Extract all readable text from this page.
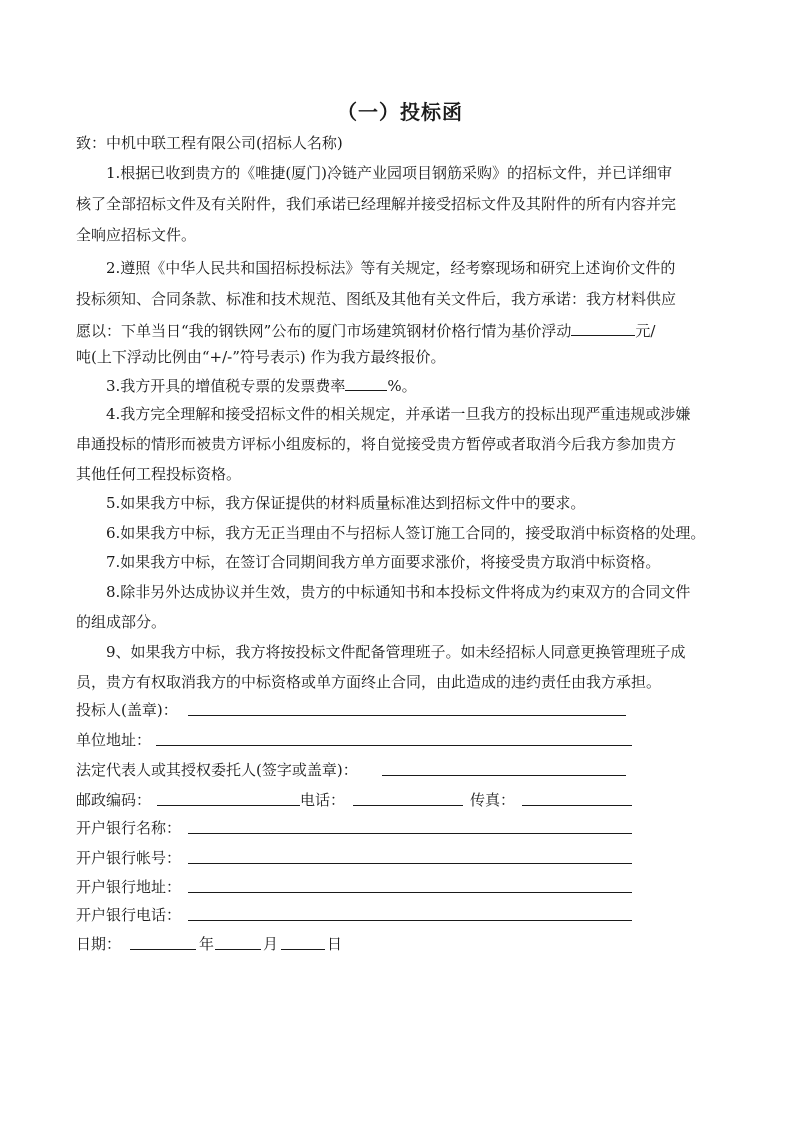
（一）投标函
致：中机中联工程有限公司(招标人名称)
1.根据已收到贵方的《唯捷(厦门)冷链产业园项目钢筋采购》的招标文件，并已详细审
核了全部招标文件及有关附件，我们承诺已经理解并接受招标文件及其附件的所有内容并完
全响应招标文件。
2.遵照《中华人民共和国招标投标法》等有关规定，经考察现场和研究上述询价文件的
投标须知、合同条款、标准和技术规范、图纸及其他有关文件后，我方承诺：我方材料供应
愿以：下单当日“我的钢铁网”公布的厦门市场建筑钢材价格行情为基价浮动	元/
吨(上下浮动比例由“+/-”符号表示) 作为我方最终报价。
3.我方开具的增值税专票的发票费率	%。
4.我方完全理解和接受招标文件的相关规定，并承诺一旦我方的投标出现严重违规或涉嫌
串通投标的情形而被贵方评标小组废标的，将自觉接受贵方暂停或者取消今后我方参加贵方
其他任何工程投标资格。
5.如果我方中标，我方保证提供的材料质量标准达到招标文件中的要求。
6.如果我方中标，我方无正当理由不与招标人签订施工合同的，接受取消中标资格的处理。
7.如果我方中标，在签订合同期间我方单方面要求涨价，将接受贵方取消中标资格。
8.除非另外达成协议并生效，贵方的中标通知书和本投标文件将成为约束双方的合同文件
的组成部分。
9、如果我方中标，我方将按投标文件配备管理班子。如未经招标人同意更换管理班子成
员，贵方有权取消我方的中标资格或单方面终止合同，由此造成的违约责任由我方承担。
投标人(盖章)：
单位地址：
法定代表人或其授权委托人(签字或盖章)：
邮政编码：	电话：	传真：
开户银行名称：
开户银行帐号：
开户银行地址：
开户银行电话：
日期：	年	月	日
